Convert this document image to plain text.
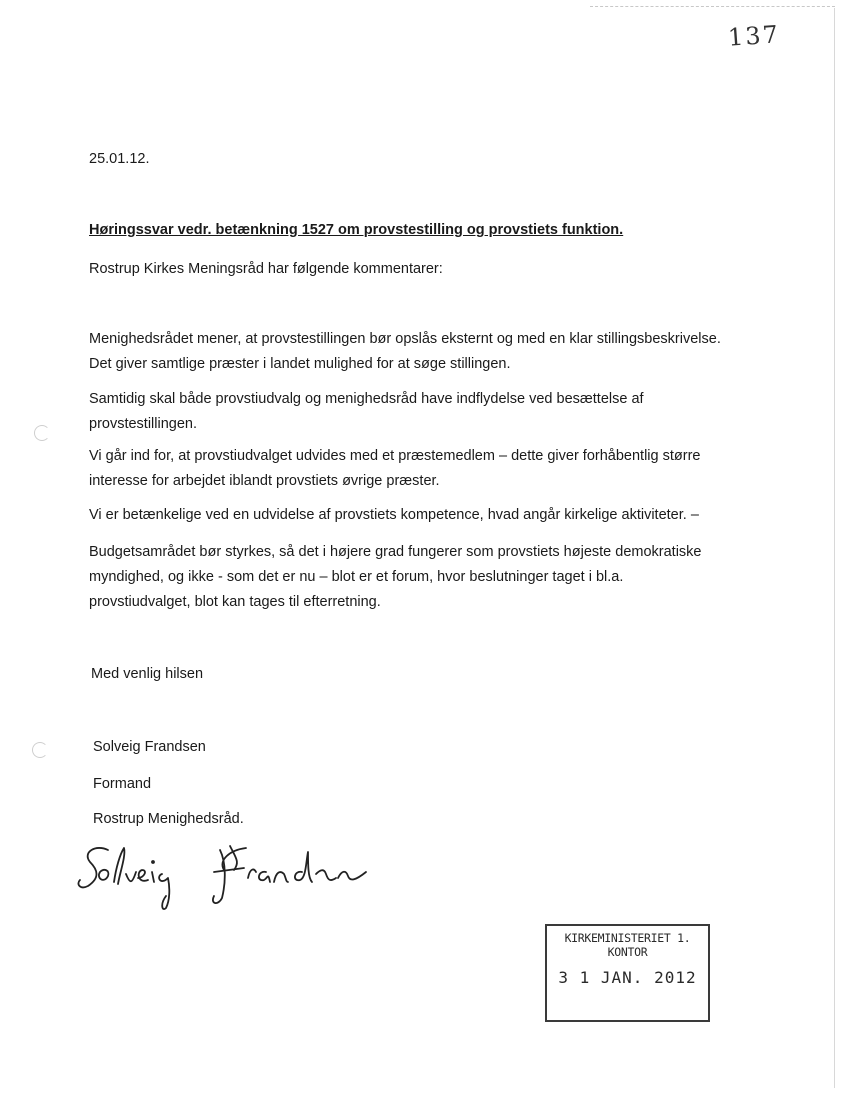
137
25.01.12.
Høringssvar vedr. betænkning 1527 om provstestilling og provstiets funktion.
Rostrup Kirkes Meningsråd har følgende kommentarer:
Menighedsrådet mener, at provstestillingen bør opslås eksternt og med en klar stillingsbeskrivelse.
Det giver samtlige præster i landet mulighed for at søge stillingen.
Samtidig skal både provstiudvalg og menighedsråd have indflydelse ved besættelse af
provstestillingen.
Vi går ind for, at provstiudvalget udvides med et præstemedlem – dette giver forhåbentlig større
interesse for arbejdet iblandt provstiets øvrige præster.
Vi er betænkelige ved en udvidelse af provstiets kompetence, hvad angår kirkelige aktiviteter. –
Budgetsamrådet bør styrkes, så det i højere grad fungerer som provstiets højeste demokratiske
myndighed, og ikke - som det er nu – blot er et forum, hvor beslutninger taget i bl.a.
provstiudvalget, blot kan tages til efterretning.
Med venlig hilsen
Solveig Frandsen
Formand
Rostrup Menighedsråd.
KIRKEMINISTERIET 1. KONTOR
3 1 JAN. 2012
